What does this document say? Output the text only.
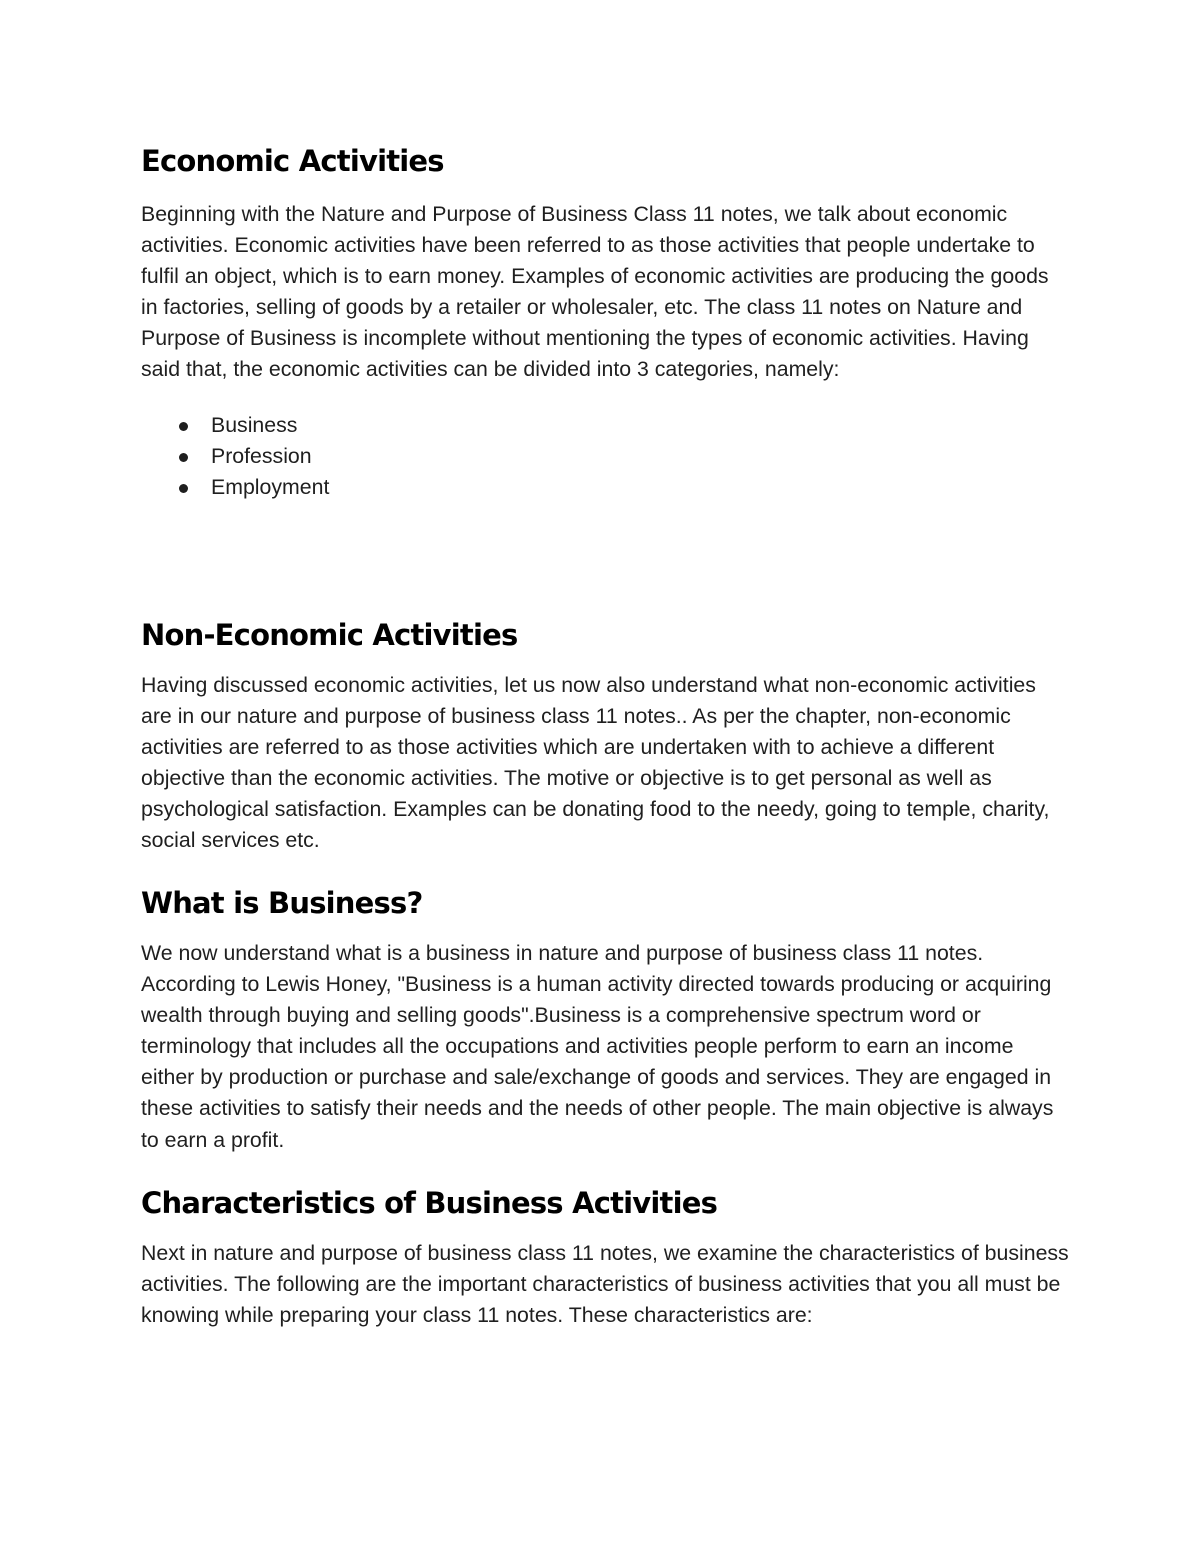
Economic Activities

Beginning with the Nature and Purpose of Business Class 11 notes, we talk about economic activities. Economic activities have been referred to as those activities that people undertake to fulfil an object, which is to earn money. Examples of economic activities are producing the goods in factories, selling of goods by a retailer or wholesaler, etc. The class 11 notes on Nature and Purpose of Business is incomplete without mentioning the types of economic activities. Having said that, the economic activities can be divided into 3 categories, namely:

Business
Profession
Employment
Non-Economic Activities

Having discussed economic activities, let us now also understand what non-economic activities are in our nature and purpose of business class 11 notes.. As per the chapter, non-economic activities are referred to as those activities which are undertaken with to achieve a different objective than the economic activities. The motive or objective is to get personal as well as psychological satisfaction. Examples can be donating food to the needy, going to temple, charity, social services etc.

What is Business?

We now understand what is a business in nature and purpose of business class 11 notes. According to Lewis Honey, "Business is a human activity directed towards producing or acquiring wealth through buying and selling goods".Business is a comprehensive spectrum word or terminology that includes all the occupations and activities people perform to earn an income either by production or purchase and sale/exchange of goods and services. They are engaged in these activities to satisfy their needs and the needs of other people. The main objective is always to earn a profit.

Characteristics of Business Activities

Next in nature and purpose of business class 11 notes, we examine the characteristics of business activities. The following are the important characteristics of business activities that you all must be knowing while preparing your class 11 notes. These characteristics are:
